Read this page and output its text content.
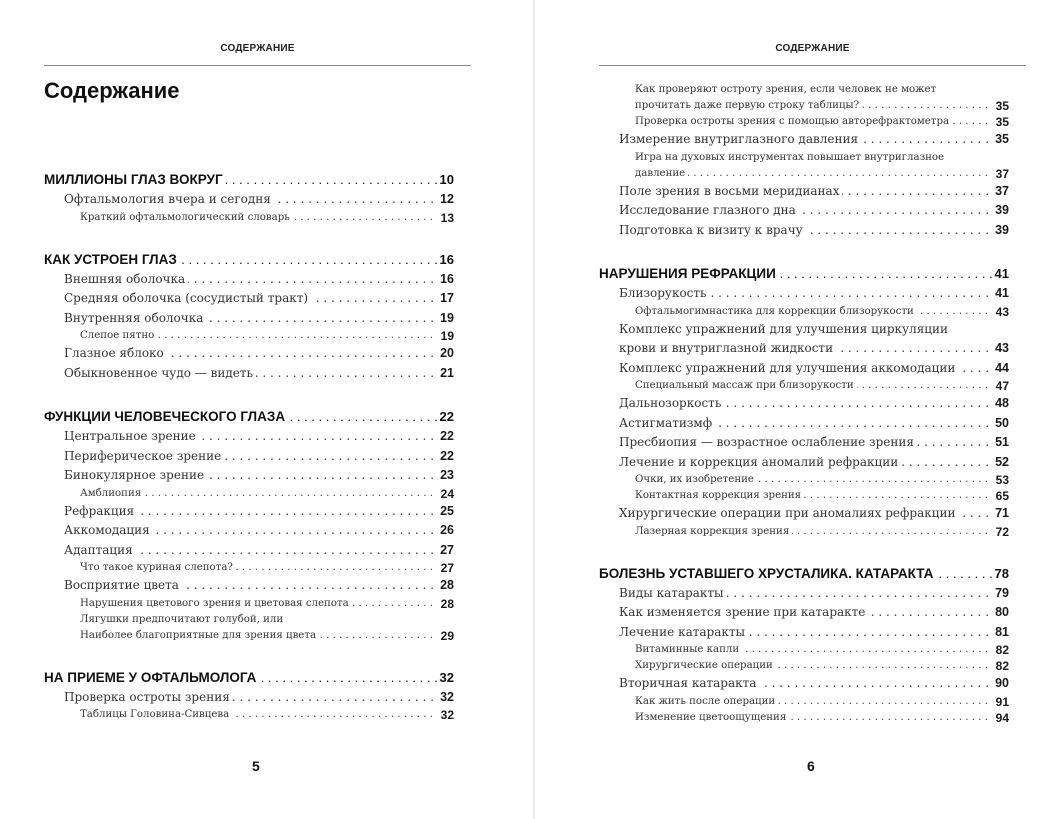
СОДЕРЖАНИЕ
Содержание
МИЛЛИОНЫ ГЛАЗ ВОКРУГ . . .	10
Офтальмология вчера и сегодня . . .	12
Краткий офтальмологический словарь . . .	13
КАК УСТРОЕН ГЛАЗ . . .	16
Внешняя оболочка . . .	16
Средняя оболочка (сосудистый тракт) . . .	17
Внутренняя оболочка . . .	19
Слепое пятно . . .	19
Глазное яблоко . . .	20
Обыкновенное чудо — видеть . . .	21
ФУНКЦИИ ЧЕЛОВЕЧЕСКОГО ГЛАЗА . . .	22
Центральное зрение . . .	22
Периферическое зрение . . .	22
Бинокулярное зрение . . .	23
Амблиопия . . .	24
Рефракция . . .	25
Аккомодация . . .	26
Адаптация . . .	27
Что такое куриная слепота? . . .	27
Восприятие цвета . . .	28
Нарушения цветового зрения и цветовая слепота . . .	28
Лягушки предпочитают голубой, или
Наиболее благоприятные для зрения цвета . . .	29
НА ПРИЕМЕ У ОФТАЛЬМОЛОГА . . .	32
Проверка остроты зрения . . .	32
Таблицы Головина-Сивцева . . .	32
5
СОДЕРЖАНИЕ
Как проверяют остроту зрения, если человек не может
прочитать даже первую строку таблицы? . . .	35
Проверка остроты зрения с помощью авторефрактометра . . .	35
Измерение внутриглазного давления . . .	35
Игра на духовых инструментах повышает внутриглазное
давление . . .	37
Поле зрения в восьми меридианах . . .	37
Исследование глазного дна . . .	39
Подготовка к визиту к врачу . . .	39
НАРУШЕНИЯ РЕФРАКЦИИ . . .	41
Близорукость . . .	41
Офтальмогимнастика для коррекции близорукости . . .	43
Комплекс упражнений для улучшения циркуляции
крови и внутриглазной жидкости . . .	43
Комплекс упражнений для улучшения аккомодации . . .	44
Специальный массаж при близорукости . . .	47
Дальнозоркость . . .	48
Астигматизмф . . .	50
Пресбиопия — возрастное ослабление зрения . . .	51
Лечение и коррекция аномалий рефракции . . .	52
Очки, их изобретение . . .	53
Контактная коррекция зрения . . .	65
Хирургические операции при аномалиях рефракции . . .	71
Лазерная коррекция зрения . . .	72
БОЛЕЗНЬ УСТАВШЕГО ХРУСТАЛИКА. КАТАРАКТА . . .	78
Виды катаракты . . .	79
Как изменяется зрение при катаракте . . .	80
Лечение катаракты . . .	81
Витаминные капли . . .	82
Хирургические операции . . .	82
Вторичная катаракта . . .	90
Как жить после операции . . .	91
Изменение цветоощущения . . .	94
6
